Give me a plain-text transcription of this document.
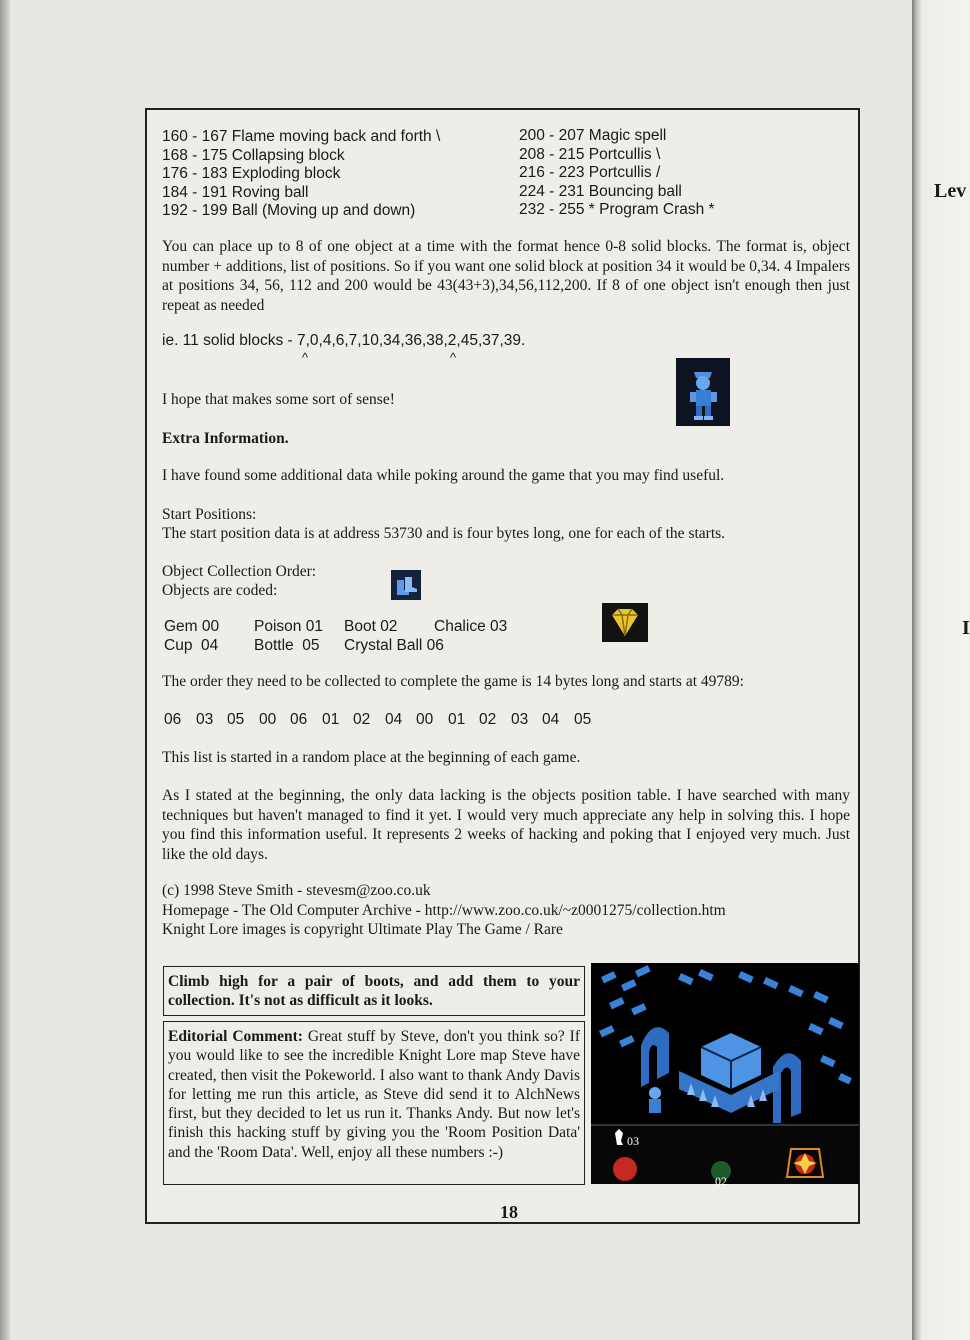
Lev
I
160 - 167 Flame moving back and forth \
168 - 175 Collapsing block
176 - 183 Exploding block
184 - 191 Roving ball
192 - 199 Ball (Moving up and down)
200 - 207 Magic spell
208 - 215 Portcullis \
216 - 223 Portcullis /
224 - 231 Bouncing ball
232 - 255 * Program Crash *
You can place up to 8 of one object at a time with the format hence 0-8 solid blocks. The format is, object number + additions, list of positions. So if you want one solid block at position 34 it would be 0,34. 4 Impalers at positions 34, 56, 112 and 200 would be 43(43+3),34,56,112,200. If 8 of one object isn't enough then just repeat as needed
ie. 11 solid blocks - 7,0,4,6,7,10,34,36,38,2,45,37,39.
^	^
I hope that makes some sort of sense!
Extra Information.
I have found some additional data while poking around the game that you may find useful.
Start Positions:
The start position data is at address 53730 and is four bytes long, one for each of the starts.
Object Collection Order:
Objects are coded:
Gem 00 Poison 01 Boot 02 Chalice 03
Cup  04 Bottle  05 Crystal Ball 06
The order they need to be collected to complete the game is 14 bytes long and starts at 49789:
06 03 05 00 06 01 02 04 00 01 02 03 04 05
This list is started in a random place at the beginning of each game.
As I stated at the beginning, the only data lacking is the objects position table. I have searched with many techniques but haven't managed to find it yet. I would very much appreciate any help in solving this. I hope you find this information useful. It represents 2 weeks of hacking and poking that I enjoyed very much. Just like the old days.
(c) 1998 Steve Smith - stevesm@zoo.co.uk
Homepage - The Old Computer Archive - http://www.zoo.co.uk/~z0001275/collection.htm
Knight Lore images is copyright Ultimate Play The Game / Rare
Climb high for a pair of boots, and add them to your collection. It's not as difficult as it looks.
Editorial Comment: Great stuff by Steve, don't you think so? If you would like to see the incredible Knight Lore map Steve have created, then visit the Pokeworld. I also want to thank Andy Davis for letting me run this article, as Steve did send it to AlchNews first, but they decided to let us run it. Thanks Andy. But now let's finish this hacking stuff by giving you the 'Room Position Data' and the 'Room Data'. Well, enjoy all these numbers :-)
03
02
18
